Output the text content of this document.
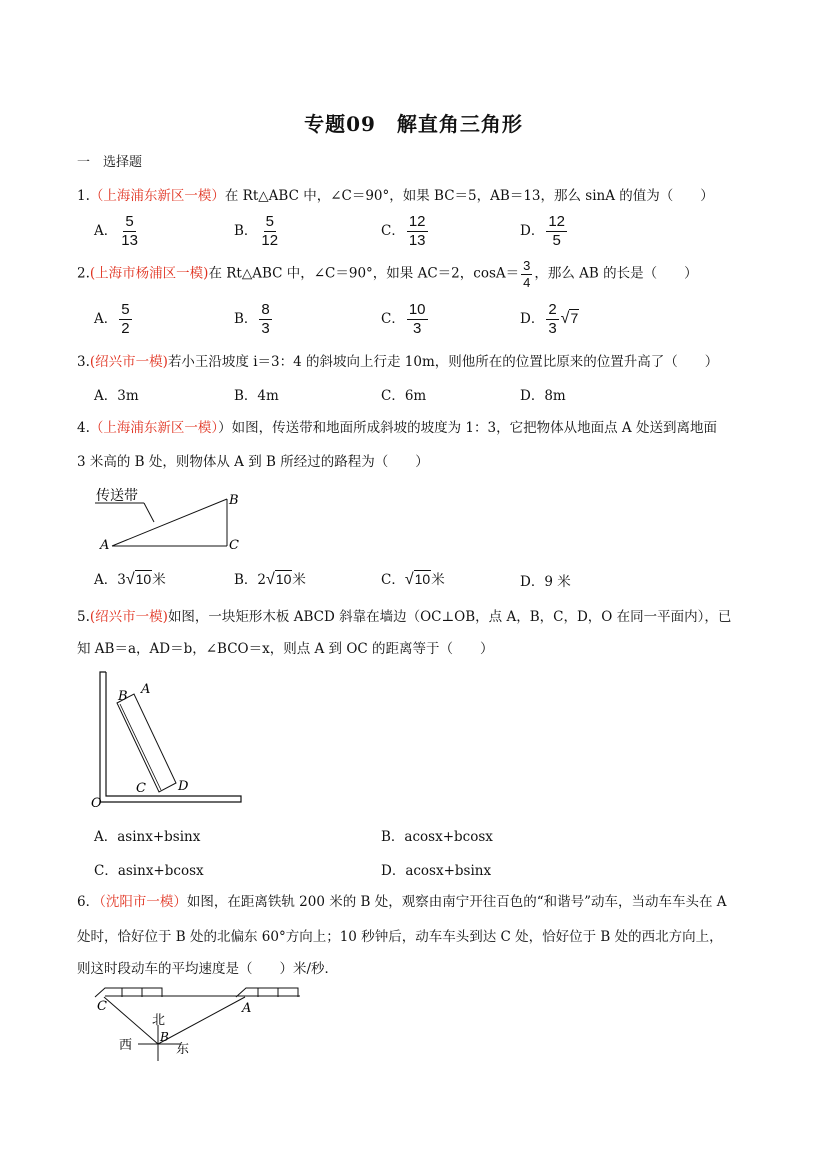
专题09　解直角三角形
一　选择题
1.（上海浦东新区一模）在 Rt△ABC 中，∠C＝90°，如果 BC＝5，AB＝13，那么 sinA 的值为（　　）
A． $\frac{5}{13}$	B． $\frac{5}{12}$	C． $\frac{12}{13}$	D． $\frac{12}{5}$
2.(上海市杨浦区一模)在 Rt△ABC 中，∠C＝90°，如果 AC＝2，$\cos A= \frac{3}{4}$ ，那么 AB 的长是（　　）
A． $\frac{5}{2}$	B． $\frac{8}{3}$	C． $\frac{10}{3}$	D． $\frac{2}{3} √7$
3.(绍兴市一模)若小王沿坡度 i＝3：4 的斜坡向上行走 10m，则他所在的位置比原来的位置升高了（　　）
A．3m	B．4m	C．6m	D．8m
4.（上海浦东新区一模））如图，传送带和地面所成斜坡的坡度为 1：3，它把物体从地面点 A 处送到离地面
3 米高的 B 处，则物体从 A 到 B 所经过的路程为（　　）
传送带
A
B
C
A．3√10米	B．2√10米	C．√10米	D．9 米
5.(绍兴市一模)如图，一块矩形木板 ABCD 斜靠在墙边（OC⊥OB，点 A，B，C，D，O 在同一平面内），已
知 AB＝a，AD＝b，∠BCO＝x，则点 A 到 OC 的距离等于（　　）
B A
C D
O
A．asinx+bsinx	B．acosx+bcosx
C．asinx+bcosx	D．acosx+bsinx
6．（沈阳市一模）如图，在距离铁轨 200 米的 B 处，观察由南宁开往百色的“和谐号”动车，当动车车头在 A
处时，恰好位于 B 处的北偏东 60°方向上；10 秒钟后，动车车头到达 C 处，恰好位于 B 处的西北方向上，
则这时段动车的平均速度是（　　）米/秒．
C	A
北
B
西	东
